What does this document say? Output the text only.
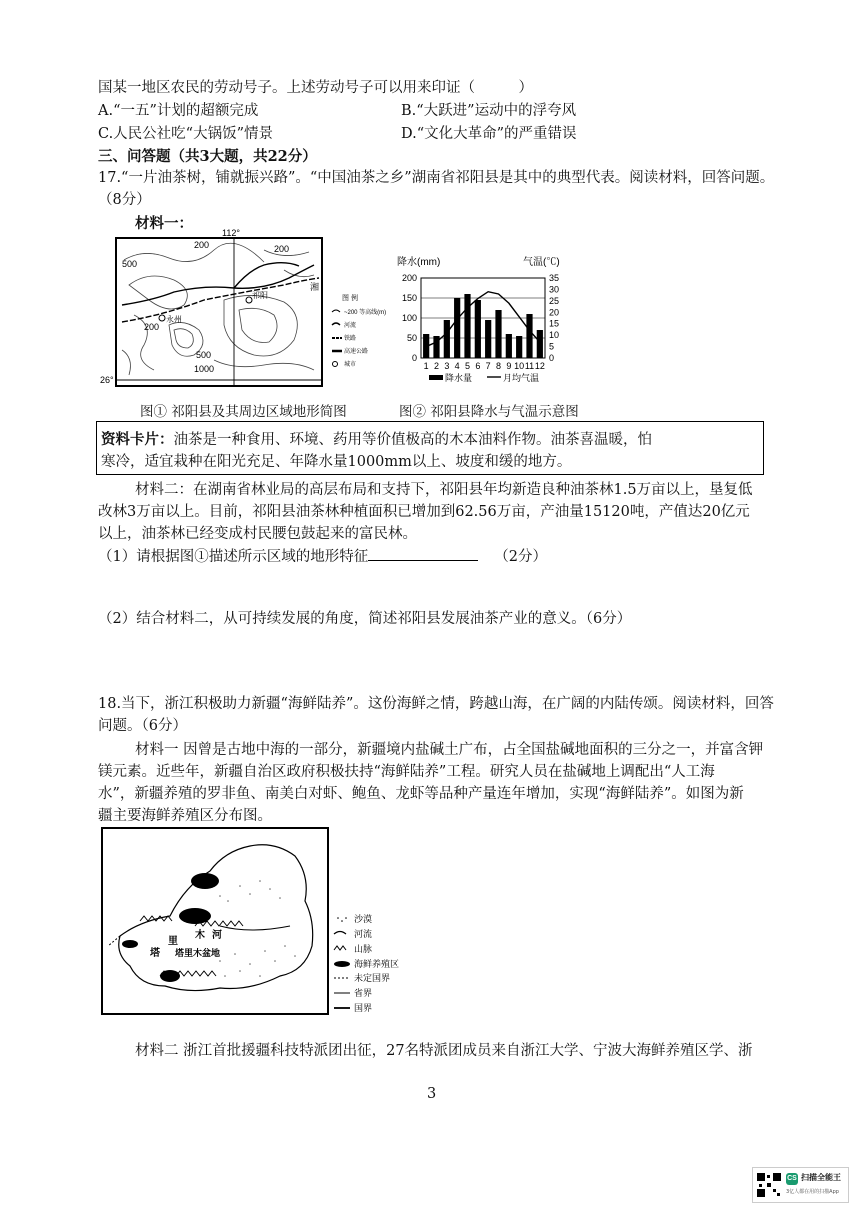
国某一地区农民的劳动号子。上述劳动号子可以用来印证（　　　）
A.“一五”计划的超额完成	B.“大跃进”运动中的浮夸风
C.人民公社吃“大锅饭”情景	D.“文化大革命”的严重错误
三、问答题（共3大题，共22分）
17.“一片油茶树，铺就振兴路”。“中国油茶之乡”湖南省祁阳县是其中的典型代表。阅读材料，回答问题。
（8分）
材料一：
112°
26°
500
200
200
500
1000
200
永州
祁阳
湘
图 例
~200 等高线(m)
河流
铁路
高速公路
城市
降水(mm)	气温(℃)
200
150
100
50
0
35
30
25
20
15
10
5
0
1 2 3 4 5 6 7 8 9 10 11 12
降水量	月均气温
图① 祁阳县及其周边区域地形简图	图② 祁阳县降水与气温示意图

资料卡片：油茶是一种食用、环境、药用等价值极高的木本油料作物。油茶喜温暖，怕

寒冷，适宜栽种在阳光充足、年降水量1000mm以上、坡度和缓的地方。

材料二：在湖南省林业局的高层布局和支持下，祁阳县年均新造良种油茶林1.5万亩以上，垦复低
改林3万亩以上。目前，祁阳县油茶林种植面积已增加到62.56万亩，产油量15120吨，产值达20亿元
以上，油茶林已经变成村民腰包鼓起来的富民林。
（1）请根据图①描述所示区域的地形特征	（2分）
（2）结合材料二，从可持续发展的角度，简述祁阳县发展油茶产业的意义。（6分）
18.当下，浙江积极助力新疆“海鲜陆养”。这份海鲜之情，跨越山海，在广阔的内陆传颂。阅读材料，回答
问题。（6分）
材料一 因曾是古地中海的一部分，新疆境内盐碱土广布，占全国盐碱地面积的三分之一，并富含钾
镁元素。近些年，新疆自治区政府积极扶持“海鲜陆养”工程。研究人员在盐碱地上调配出“人工海
水”，新疆养殖的罗非鱼、南美白对虾、鲍鱼、龙虾等品种产量连年增加，实现“海鲜陆养”。如图为新
疆主要海鲜养殖区分布图。
里
木 河
塔 塔里木盆地
沙漠
河流
山脉
海鲜养殖区
未定国界
省界
国界
材料二 浙江首批援疆科技特派团出征，27名特派团成员来自浙江大学、宁波大海鲜养殖区学、浙
3
CS 扫描全能王
3亿人都在用的扫描App
